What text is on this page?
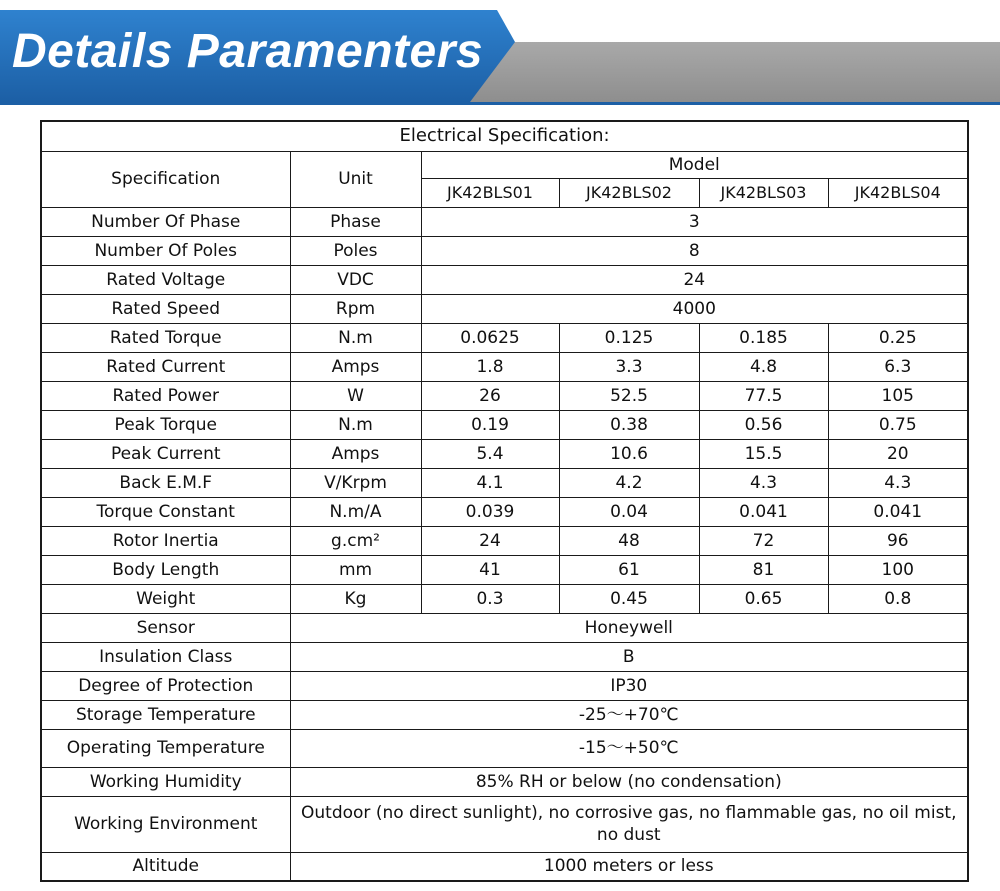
Details Paramenters
Electrical Specification:					
Specification	Unit	Model			
		JK42BLS01	JK42BLS02	JK42BLS03	JK42BLS04
Number Of Phase	Phase	3			
Number Of Poles	Poles	8			
Rated Voltage	VDC	24			
Rated Speed	Rpm	4000			
Rated Torque	N.m	0.0625	0.125	0.185	0.25
Rated Current	Amps	1.8	3.3	4.8	6.3
Rated Power	W	26	52.5	77.5	105
Peak Torque	N.m	0.19	0.38	0.56	0.75
Peak Current	Amps	5.4	10.6	15.5	20
Back E.M.F	V/Krpm	4.1	4.2	4.3	4.3
Torque Constant	N.m/A	0.039	0.04	0.041	0.041
Rotor Inertia	g.cm²	24	48	72	96
Body Length	mm	41	61	81	100
Weight	Kg	0.3	0.45	0.65	0.8
Sensor	Honeywell				
Insulation Class	B				
Degree of Protection	IP30				
Storage Temperature	-25～+70℃				
Operating Temperature	-15～+50℃				
Working Humidity	85% RH or below (no condensation)				
Working Environment	Outdoor (no direct sunlight), no corrosive gas, no flammable gas, no oil mist, no dust				
Altitude	1000 meters or less				
